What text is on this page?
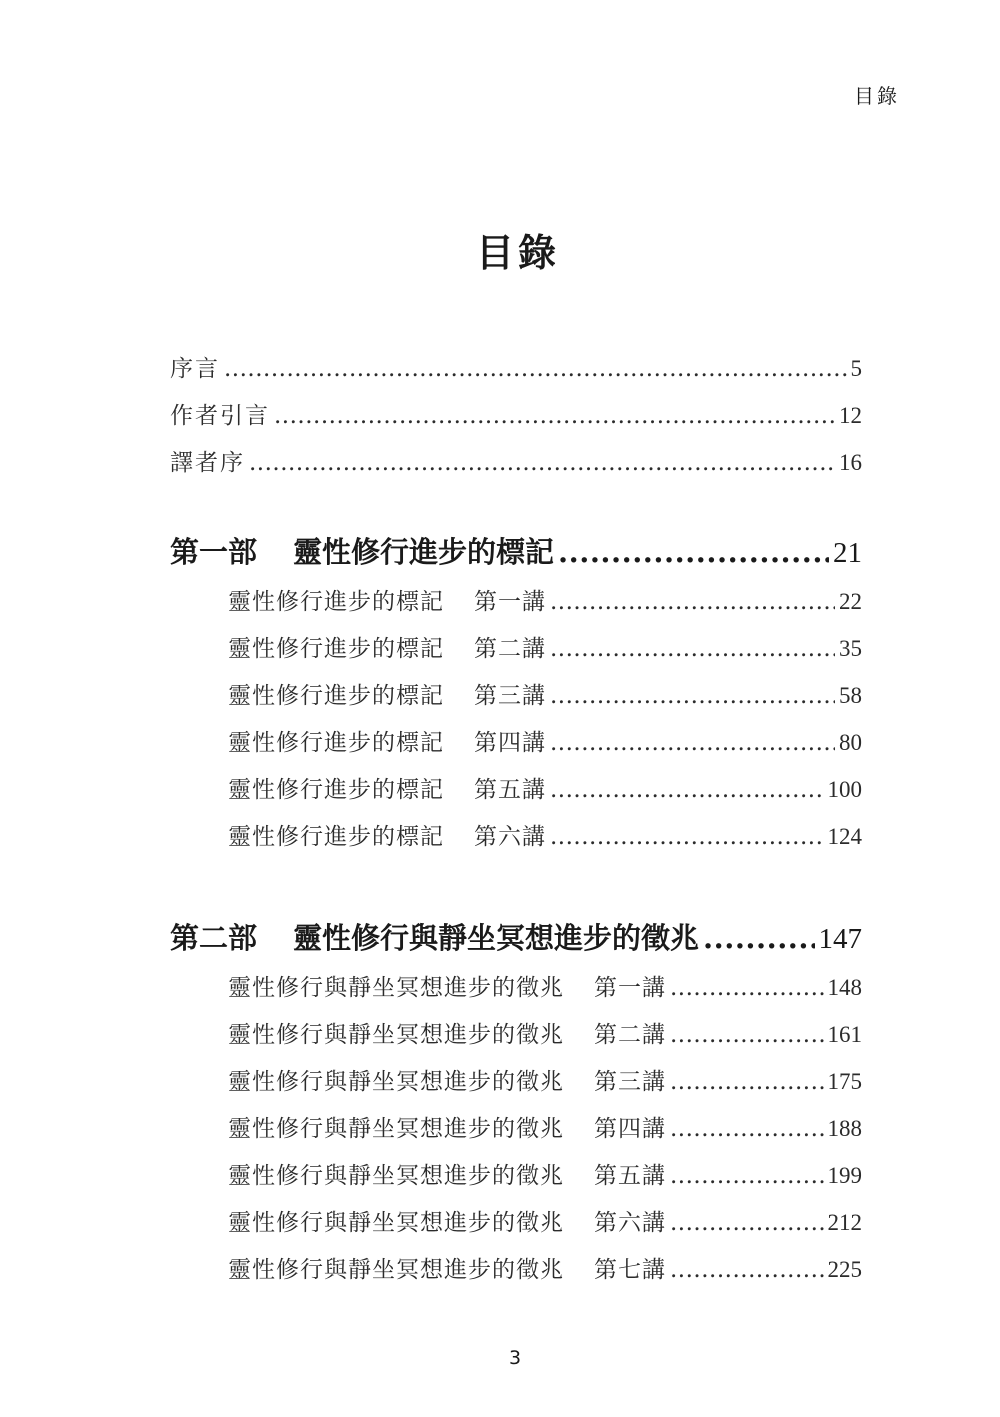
目錄
目錄
序言 .....	5
作者引言 .....	12
譯者序 .....	16
第一部 靈性修行進步的標記 .....	21
靈性修行進步的標記 第一講 .....	22
靈性修行進步的標記 第二講 .....	35
靈性修行進步的標記 第三講 .....	58
靈性修行進步的標記 第四講 .....	80
靈性修行進步的標記 第五講 .....	100
靈性修行進步的標記 第六講 .....	124
第二部 靈性修行與靜坐冥想進步的徵兆 .....	147
靈性修行與靜坐冥想進步的徵兆 第一講 .....	148
靈性修行與靜坐冥想進步的徵兆 第二講 .....	161
靈性修行與靜坐冥想進步的徵兆 第三講 .....	175
靈性修行與靜坐冥想進步的徵兆 第四講 .....	188
靈性修行與靜坐冥想進步的徵兆 第五講 .....	199
靈性修行與靜坐冥想進步的徵兆 第六講 .....	212
靈性修行與靜坐冥想進步的徵兆 第七講 .....	225
3
